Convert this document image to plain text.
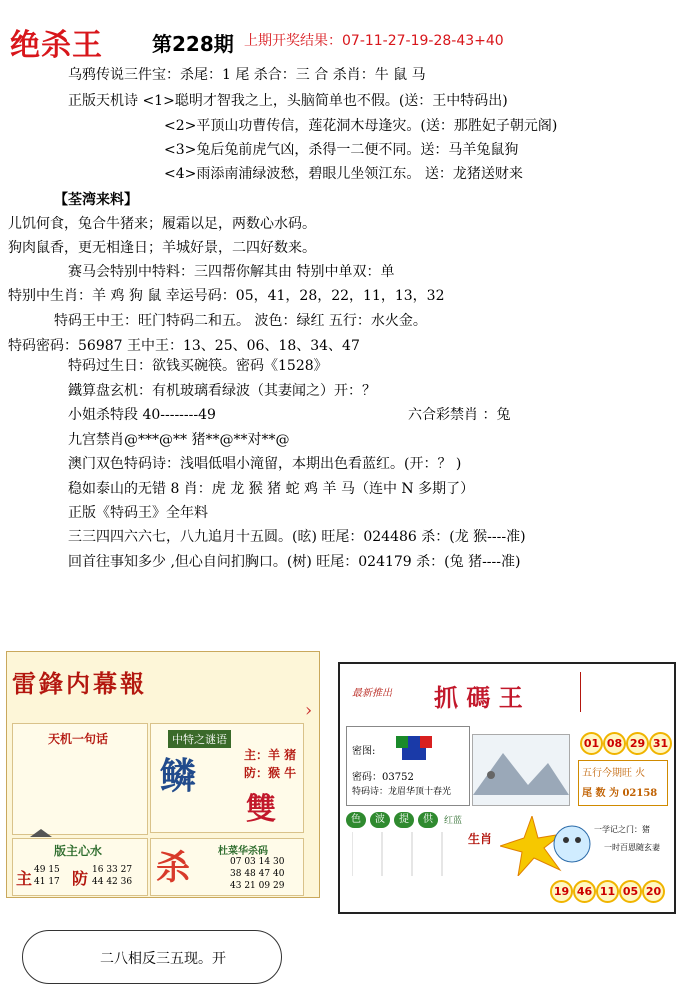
绝杀王 第228期 上期开奖结果：07-11-27-19-28-43+40
乌鸦传说三件宝：杀尾：1 尾 杀合：三 合 杀肖：牛 鼠 马
正版天机诗 <1>聪明才智我之上，头脑简单也不假。(送：王中特码出)
<2>平顶山功曹传信，莲花洞木母逢灾。(送：那胜妃子朝元阁)
<3>兔后兔前虎气凶，杀得一二便不同。送：马羊兔鼠狗
<4>雨添南浦绿波愁，碧眼儿坐领江东。 送：龙猪送财来
【荃湾来料】
儿饥何食，兔合牛猪来；履霜以足，两数心水码。
狗肉鼠香，更无相逢日；羊城好景，二四好数来。
赛马会特别中特料：三四帮你解其由 特别中单双：单
特别中生肖：羊 鸡 狗 鼠 幸运号码：05，41，28，22，11，13，32
特码王中王：旺门特码二和五。 波色：绿红 五行：水火金。
特码密码：56987 王中王：13、25、06、18、34、47
特码过生日：欲钱买碗筷。密码《1528》
鐵算盘玄机：有机玻璃看绿波（其妻闻之）开：？
小姐杀特段 40--------49	六合彩禁肖 ：兔
九宫禁肖@***@** 猪**@**对**@
澳门双色特码诗：浅唱低唱小滝留，本期出色看蓝红。(开：？ )
稳如泰山的无错 8 肖：虎 龙 猴 猪 蛇 鸡 羊 马（连中 N 多期了）
正版《特码王》全年料
三三四四六六七，八九追月十五圆。(昡) 旺尾：024486 杀：(龙 猴----准)
回首往事知多少 ,但心自问扪胸口。(树) 旺尾：024179 杀：(兔 猪----准)
雷鋒内幕報
›
天机一句话	中特之谜语
鳞	主：羊 猪
防：猴 牛
雙
版主心水
主 49 15
41 17 防 16 33 27
44 42 36 杀	杜菜华杀码
07 03 14 30
38 48 47 40
43 21 09 29
最新推出 抓 碼 王
密图:
密码：03752
特码诗：龙眉华顶十春光
01 08 29 31
五行今期旺 火
尾 数 为 02158
色	波	提	供	红蓝
生肖
一学记之门：猪
一时百恩随玄妻
19 46 11 05 20
二八相反三五现。开
